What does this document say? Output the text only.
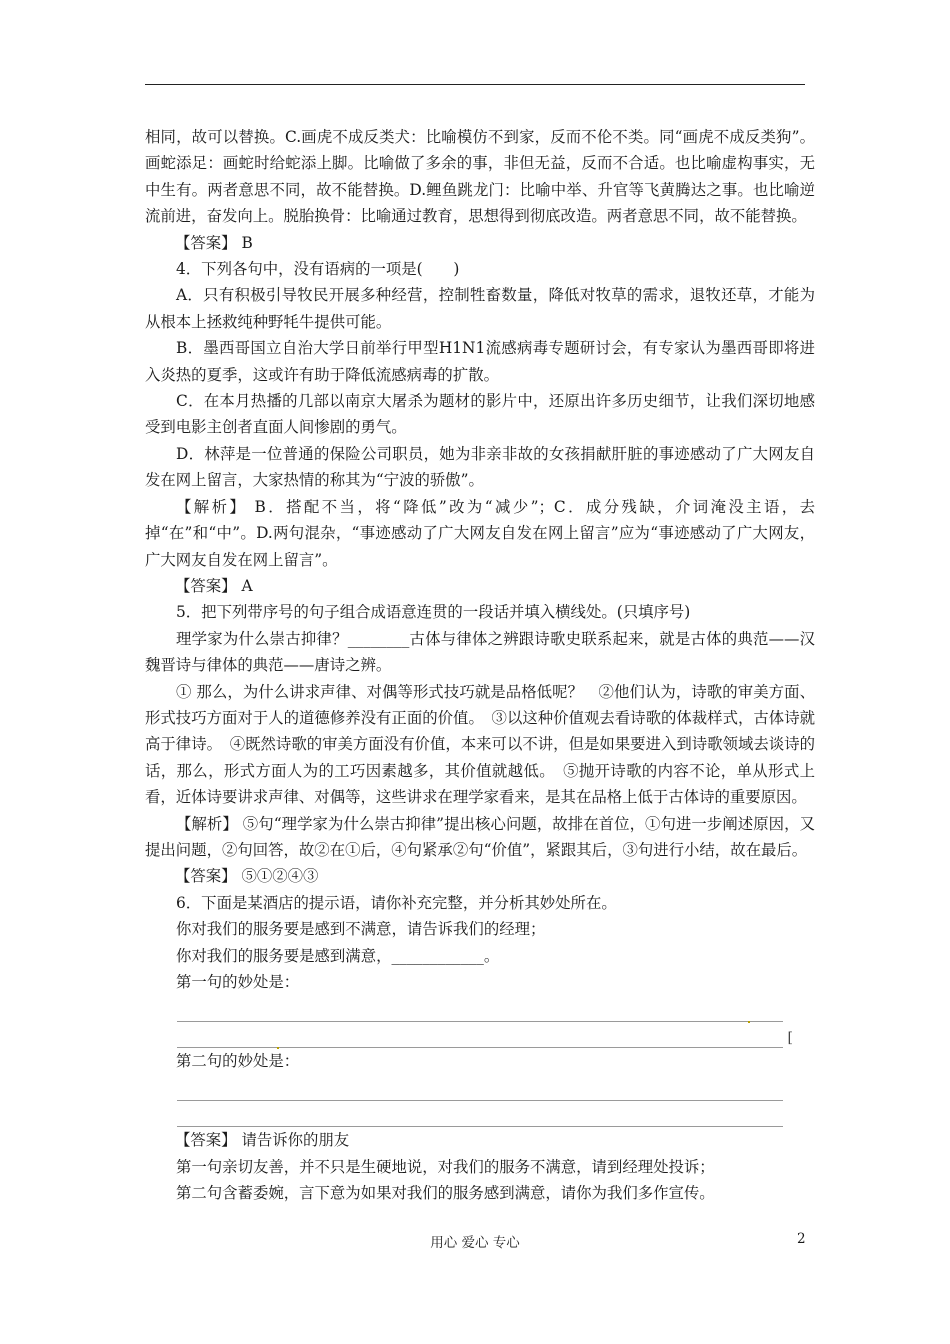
相同，故可以替换。C.画虎不成反类犬：比喻模仿不到家，反而不伦不类。同“画虎不成反类狗”。画蛇添足：画蛇时给蛇添上脚。比喻做了多余的事，非但无益，反而不合适。也比喻虚构事实，无中生有。两者意思不同，故不能替换。D.鲤鱼跳龙门：比喻中举、升官等飞黄腾达之事。也比喻逆流前进，奋发向上。脱胎换骨：比喻通过教育，思想得到彻底改造。两者意思不同，故不能替换。

【答案】 B

4．下列各句中，没有语病的一项是(　　)

A．只有积极引导牧民开展多种经营，控制牲畜数量，降低对牧草的需求，退牧还草，才能为从根本上拯救纯种野牦牛提供可能。

B．墨西哥国立自治大学日前举行甲型H1N1流感病毒专题研讨会，有专家认为墨西哥即将进入炎热的夏季，这或许有助于降低流感病毒的扩散。

C．在本月热播的几部以南京大屠杀为题材的影片中，还原出许多历史细节，让我们深切地感受到电影主创者直面人间惨剧的勇气。

D．林萍是一位普通的保险公司职员，她为非亲非故的女孩捐献肝脏的事迹感动了广大网友自发在网上留言，大家热情的称其为“宁波的骄傲”。

【解析】 B．搭配不当，将“降低”改为“减少”；C．成分残缺，介词淹没主语，去掉“在”和“中”。D.两句混杂，“事迹感动了广大网友自发在网上留言”应为“事迹感动了广大网友，广大网友自发在网上留言”。

【答案】 A

5．把下列带序号的句子组合成语意连贯的一段话并填入横线处。(只填序号)

理学家为什么崇古抑律？________古体与律体之辨跟诗歌史联系起来，就是古体的典范——汉魏晋诗与律体的典范——唐诗之辨。

① 那么，为什么讲求声律、对偶等形式技巧就是品格低呢？　②他们认为，诗歌的审美方面、形式技巧方面对于人的道德修养没有正面的价值。　③以这种价值观去看诗歌的体裁样式，古体诗就高于律诗。　④既然诗歌的审美方面没有价值，本来可以不讲，但是如果要进入到诗歌领域去谈诗的话，那么，形式方面人为的工巧因素越多，其价值就越低。　⑤抛开诗歌的内容不论，单从形式上看，近体诗要讲求声律、对偶等，这些讲求在理学家看来，是其在品格上低于古体诗的重要原因。

【解析】 ⑤句“理学家为什么崇古抑律”提出核心问题，故排在首位，①句进一步阐述原因，又提出问题，②句回答，故②在①后，④句紧承②句“价值”，紧跟其后，③句进行小结，故在最后。

【答案】 ⑤①②④③

6．下面是某酒店的提示语，请你补充完整，并分析其妙处所在。

你对我们的服务要是感到不满意，请告诉我们的经理；

你对我们的服务要是感到满意，____________。

第一句的妙处是：

[

第二句的妙处是：

【答案】 请告诉你的朋友

第一句亲切友善，并不只是生硬地说，对我们的服务不满意，请到经理处投诉；

第二句含蓄委婉，言下意为如果对我们的服务感到满意，请你为我们多作宣传。

用心 爱心 专心	2
